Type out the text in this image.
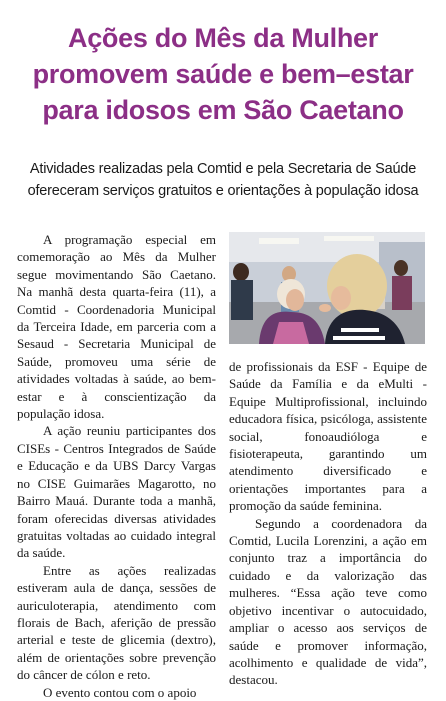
Ações do Mês da Mulher
promovem saúde e bem–estar
para idosos em São Caetano
Atividades realizadas pela Comtid e pela Secretaria de Saúde
ofereceram serviços gratuitos e orientações à população idosa

A programação especial em comemoração ao Mês da Mulher segue movimentando São Caetano. Na manhã desta quarta-feira (11), a Comtid - Coordenadoria Municipal da Terceira Idade, em parceria com a Sesaud - Secretaria Municipal de Saúde, promoveu uma série de atividades voltadas à saúde, ao bem-estar e à conscientização da população idosa.

A ação reuniu participantes dos CISEs - Centros Integrados de Saúde e Educação e da UBS Darcy Vargas no CISE Guimarães Magarotto, no Bairro Mauá. Durante toda a manhã, foram oferecidas diversas atividades gratuitas voltadas ao cuidado integral da saúde.

Entre as ações realizadas estiveram aula de dança, sessões de auriculoterapia, atendimento com florais de Bach, aferição de pressão arterial e teste de glicemia (dextro), além de orientações sobre prevenção do câncer de cólon e reto.

O evento contou com o apoio

de profissionais da ESF - Equipe de Saúde da Família e da eMulti - Equipe Multiprofissional, incluindo educadora física, psicóloga, assistente social, fonoaudióloga e fisioterapeuta, garantindo um atendimento diversificado e orientações importantes para a promoção da saúde feminina.

Segundo a coordenadora da Comtid, Lucila Lorenzini, a ação em conjunto traz a importância do cuidado e da valorização das mulheres. “Essa ação teve como objetivo incentivar o autocuidado, ampliar o acesso aos serviços de saúde e promover informação, acolhimento e qualidade de vida”, destacou.
